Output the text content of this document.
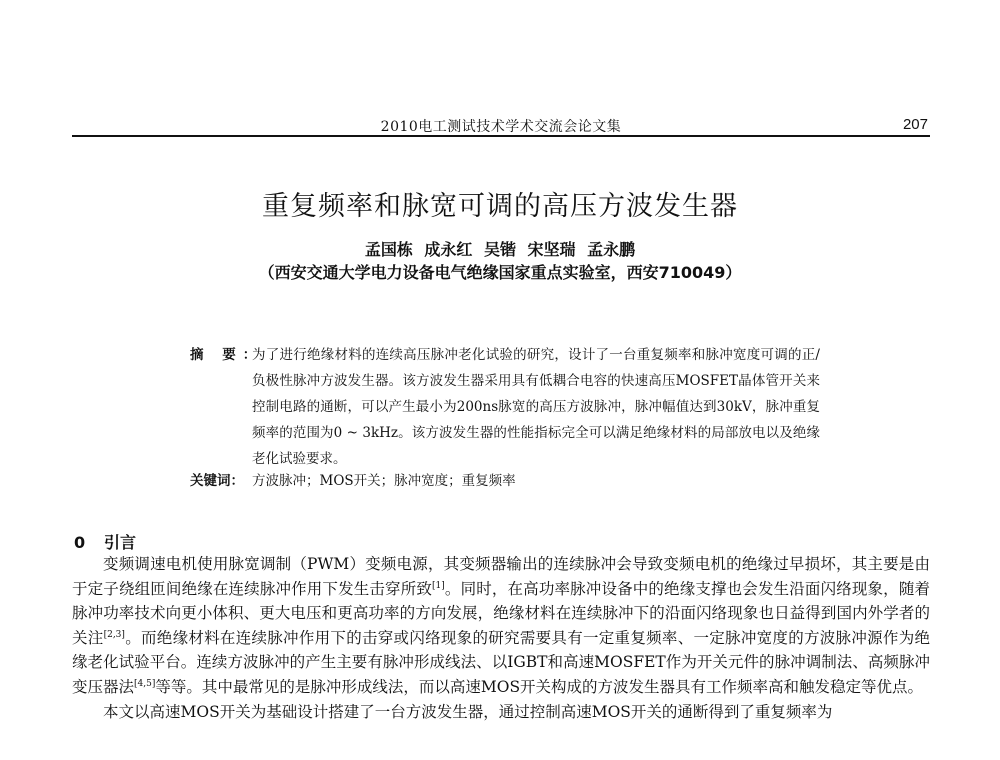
2010电工测试技术学术交流会论文集	207
重复频率和脉宽可调的高压方波发生器
孟国栋 成永红 吴锴 宋坚瑞 孟永鹏
（西安交通大学电力设备电气绝缘国家重点实验室，西安710049）
摘 要：
为了进行绝缘材料的连续高压脉冲老化试验的研究，设计了一台重复频率和脉冲宽度可调的正/负极性脉冲方波发生器。该方波发生器采用具有低耦合电容的快速高压MOSFET晶体管开关来控制电路的通断，可以产生最小为200ns脉宽的高压方波脉冲，脉冲幅值达到30kV，脉冲重复频率的范围为0 ~ 3kHz。该方波发生器的性能指标完全可以满足绝缘材料的局部放电以及绝缘老化试验要求。
关键词： 方波脉冲；MOS开关；脉冲宽度；重复频率
0 引言

变频调速电机使用脉宽调制（PWM）变频电源，其变频器输出的连续脉冲会导致变频电机的绝缘过早损坏，其主要是由于定子绕组匝间绝缘在连续脉冲作用下发生击穿所致[1]。同时，在高功率脉冲设备中的绝缘支撑也会发生沿面闪络现象，随着脉冲功率技术向更小体积、更大电压和更高功率的方向发展，绝缘材料在连续脉冲下的沿面闪络现象也日益得到国内外学者的关注[2,3]。而绝缘材料在连续脉冲作用下的击穿或闪络现象的研究需要具有一定重复频率、一定脉冲宽度的方波脉冲源作为绝缘老化试验平台。连续方波脉冲的产生主要有脉冲形成线法、以IGBT和高速MOSFET作为开关元件的脉冲调制法、高频脉冲变压器法[4,5]等等。其中最常见的是脉冲形成线法，而以高速MOS开关构成的方波发生器具有工作频率高和触发稳定等优点。

本文以高速MOS开关为基础设计搭建了一台方波发生器，通过控制高速MOS开关的通断得到了重复频率为
